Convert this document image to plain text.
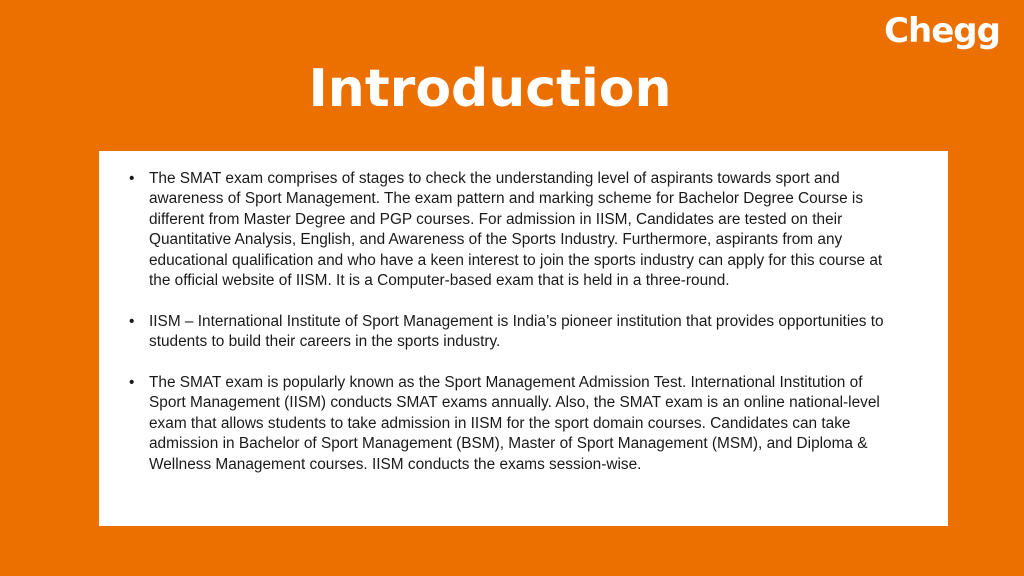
Chegg
Introduction
• The SMAT exam comprises of stages to check the understanding level of aspirants towards sport and awareness of Sport Management. The exam pattern and marking scheme for Bachelor Degree Course is different from Master Degree and PGP courses. For admission in IISM, Candidates are tested on their Quantitative Analysis, English, and Awareness of the Sports Industry. Furthermore, aspirants from any educational qualification and who have a keen interest to join the sports industry can apply for this course at the official website of IISM. It is a Computer-based exam that is held in a three-round.
• IISM – International Institute of Sport Management is India’s pioneer institution that provides opportunities to students to build their careers in the sports industry.
• The SMAT exam is popularly known as the Sport Management Admission Test. International Institution of Sport Management (IISM) conducts SMAT exams annually. Also, the SMAT exam is an online national-level exam that allows students to take admission in IISM for the sport domain courses. Candidates can take admission in Bachelor of Sport Management (BSM), Master of Sport Management (MSM), and Diploma & Wellness Management courses. IISM conducts the exams session-wise.
